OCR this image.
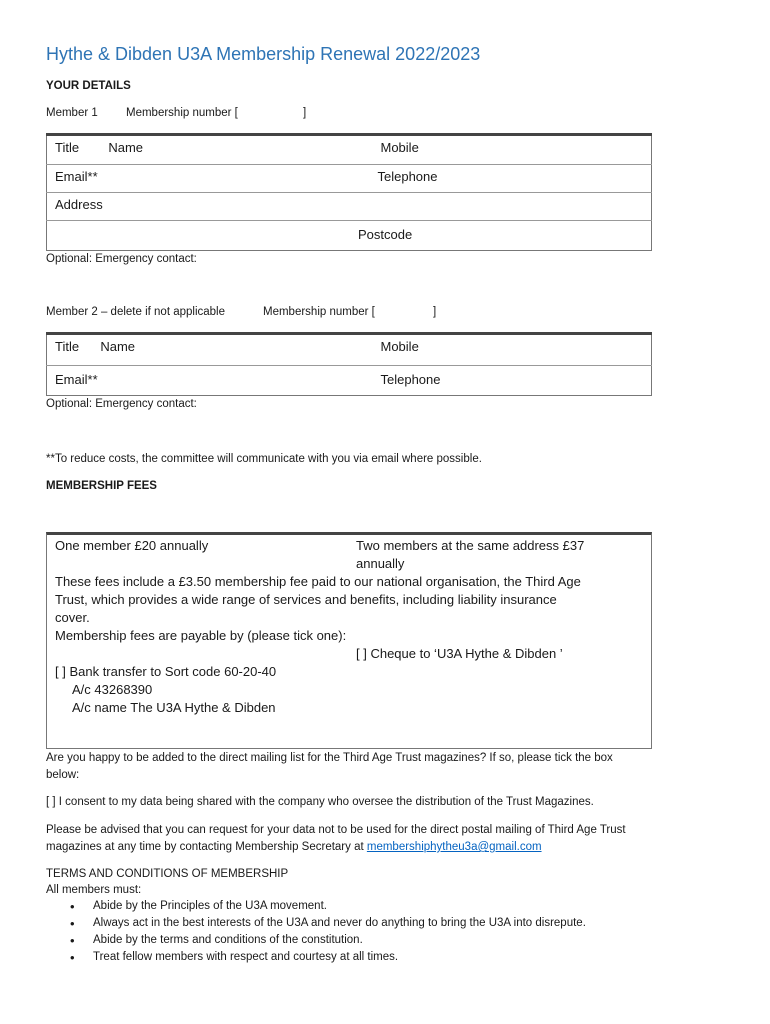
Hythe & Dibden U3A Membership Renewal 2022/2023
YOUR DETAILS
Member 1 Membership number [	]
Title Name	Mobile
Email**	Telephone
Address	
Postcode	
Optional: Emergency contact:
Member 2 – delete if not applicable	Membership number [	]
Title Name	Mobile
Email**	Telephone
Optional: Emergency contact:
**To reduce costs, the committee will communicate with you via email where possible.
MEMBERSHIP FEES
One member £20 annually	Two members at the same address £37
annually
These fees include a £3.50 membership fee paid to our national organisation, the Third Age
Trust, which provides a wide range of services and benefits, including liability insurance
cover.
Membership fees are payable by (please tick one):
[ ] Cheque to ‘U3A Hythe & Dibden ’
[ ] Bank transfer to Sort code 60-20-40
A/c 43268390
A/c name The U3A Hythe & Dibden
Are you happy to be added to the direct mailing list for the Third Age Trust magazines? If so, please tick the box
below:
[ ] I consent to my data being shared with the company who oversee the distribution of the Trust Magazines.
Please be advised that you can request for your data not to be used for the direct postal mailing of Third Age Trust
magazines at any time by contacting Membership Secretary at membershiphytheu3a@gmail.com
TERMS AND CONDITIONS OF MEMBERSHIP
All members must:
• Abide by the Principles of the U3A movement.
• Always act in the best interests of the U3A and never do anything to bring the U3A into disrepute.
• Abide by the terms and conditions of the constitution.
• Treat fellow members with respect and courtesy at all times.
